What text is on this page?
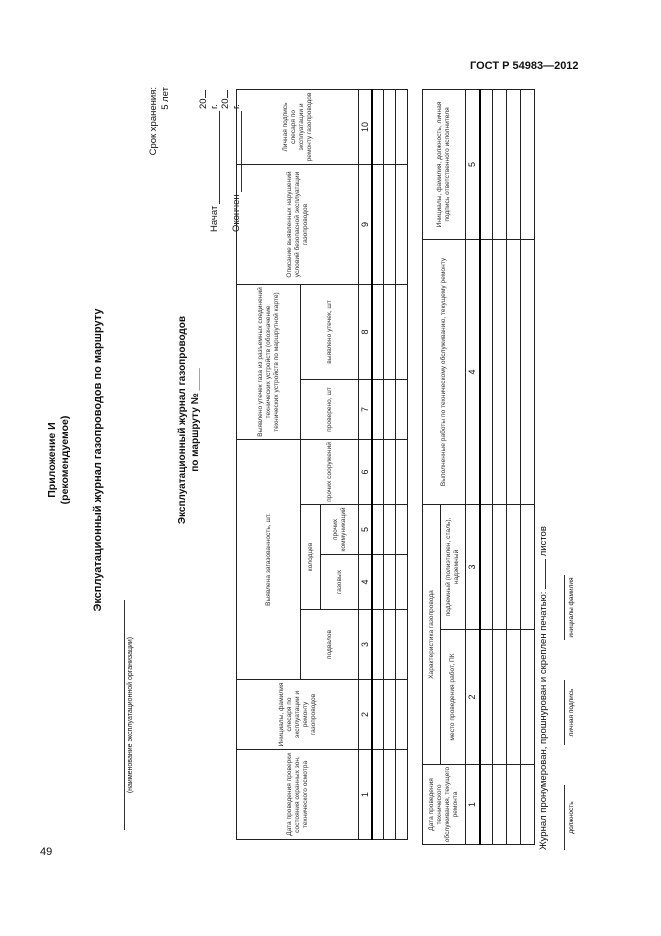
ГОСТ Р 54983—2012
49
Приложение И (рекомендуемое) Эксплуатационный журнал газопроводов по маршруту
(наименование эксплуатационной организации)
Срок хранения: 5 лет
Эксплуатационный журнал газопроводов по маршруту № ____
Начат
20 г.
Окончен
20 г.
Дата проведения проверки состояния охранных зон, технического осмотра	Инициалы, фамилия слесаря по эксплуатации и ремонту газопроводов	Выявлена загазованность, шт.				Выявлено утечек газа из разъемных соединений технических устройств (обозначение технических устройств по маршрутной карте)		Описание выявленных нарушений условий безопасной эксплуатации газопроводов	Личная подпись слесаря по эксплуатации и ремонту газопроводов
		подвалов	колодцев		прочих сооружений	проверено, шт	выявлено утечек, шт		
			газовых	прочих коммуникаций					
1	2	3	4	5	6	7	8	9	10

Дата проведения технического обслуживания, текущего ремонта	Характеристика газопровода		Выполненные работы по техническому обслуживанию, текущему ремонту	Инициалы, фамилия, должность, личная подпись ответственного исполнителя
	место проведения работ, ПК	подземный (полиэтилен, сталь), надземный		
1	2	3	4	5

Журнал пронумерован, прошнурован и скреплен печатью:  листов
должность
личная подпись
инициалы фамилия
